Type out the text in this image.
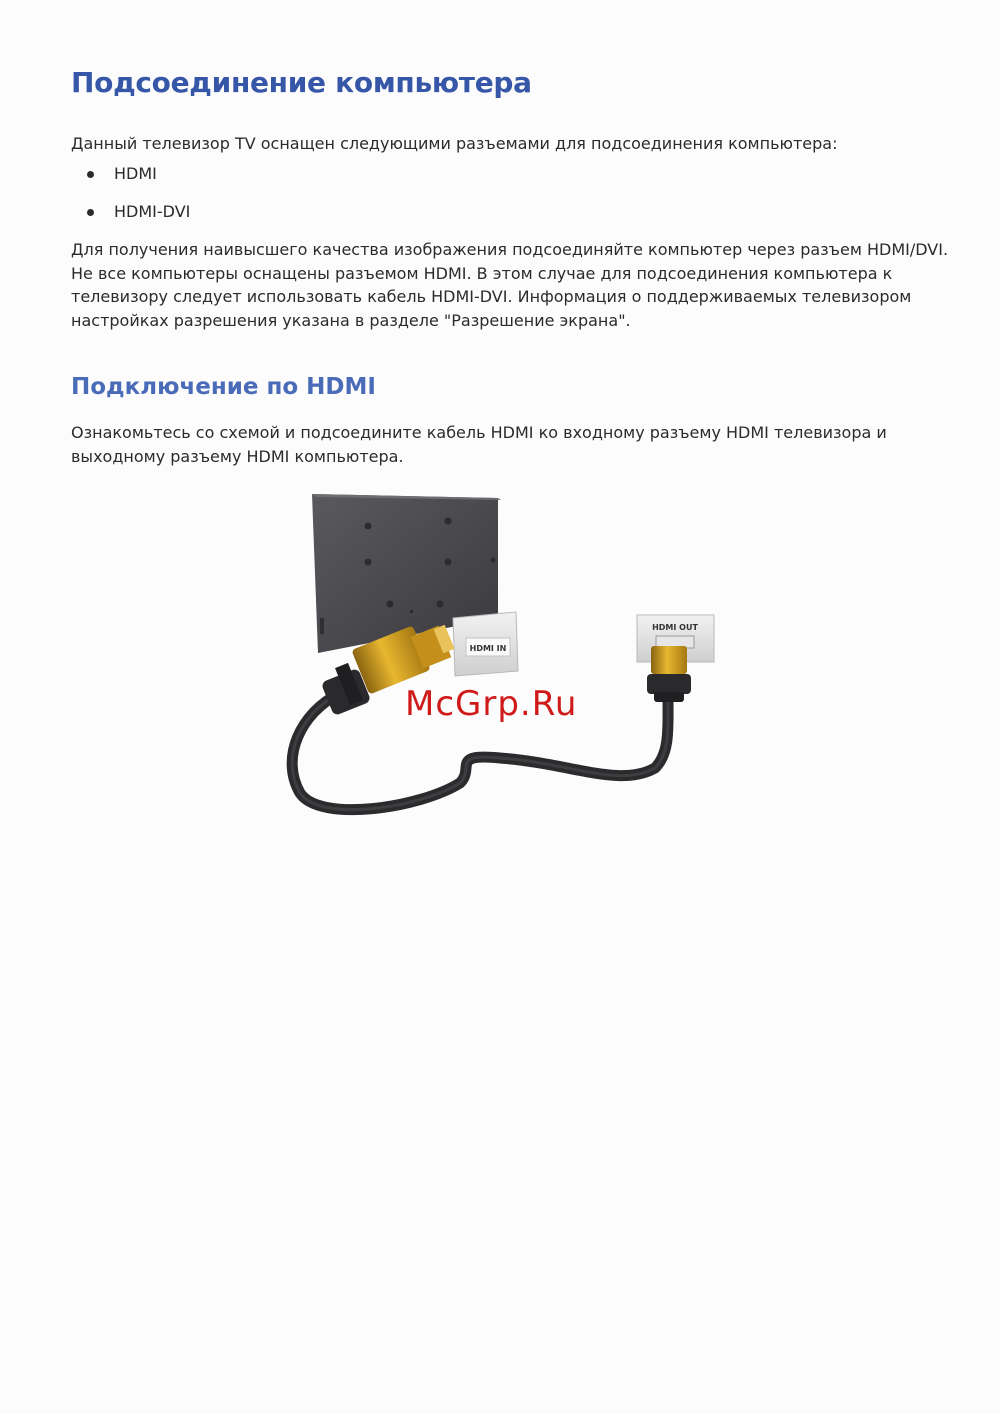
Подсоединение компьютера

Данный телевизор TV оснащен следующими разъемами для подсоединения компьютера:

HDMI
HDMI-DVI

Для получения наивысшего качества изображения подсоединяйте компьютер через разъем HDMI/DVI. Не все компьютеры оснащены разъемом HDMI. В этом случае для подсоединения компьютера к телевизору следует использовать кабель HDMI-DVI. Информация о поддерживаемых телевизором настройках разрешения указана в разделе "Разрешение экрана".

Подключение по HDMI

Ознакомьтесь со схемой и подсоедините кабель HDMI ко входному разъему HDMI телевизора и выходному разъему HDMI компьютера.

HDMI IN
HDMI OUT
McGrp.Ru
